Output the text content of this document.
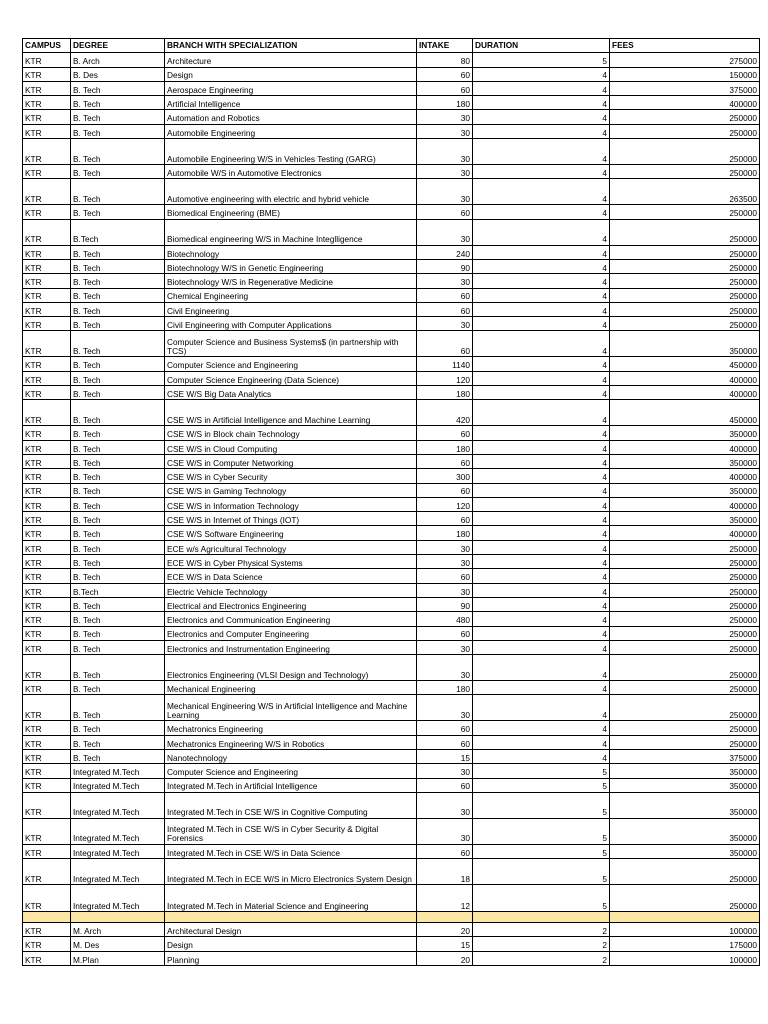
CAMPUS	DEGREE	BRANCH WITH SPECIALIZATION	INTAKE	DURATION	FEES
KTR	B. Arch	Architecture	80	5	275000
KTR	B. Des	Design	60	4	150000
KTR	B. Tech	Aerospace Engineering	60	4	375000
KTR	B. Tech	Artificial Intelligence	180	4	400000
KTR	B. Tech	Automation and Robotics	30	4	250000
KTR	B. Tech	Automobile Engineering	30	4	250000
KTR	B. Tech	Automobile Engineering W/S in Vehicles Testing (GARG)	30	4	250000
KTR	B. Tech	Automobile W/S in Automotive Electronics	30	4	250000
KTR	B. Tech	Automotive engineering with electric and hybrid vehicle	30	4	263500
KTR	B. Tech	Biomedical Engineering (BME)	60	4	250000
KTR	B.Tech	Biomedical engineering W/S in Machine Integlligence	30	4	250000
KTR	B. Tech	Biotechnology	240	4	250000
KTR	B. Tech	Biotechnology W/S in Genetic Engineering	90	4	250000
KTR	B. Tech	Biotechnology W/S in Regenerative Medicine	30	4	250000
KTR	B. Tech	Chemical Engineering	60	4	250000
KTR	B. Tech	Civil Engineering	60	4	250000
KTR	B. Tech	Civil Engineering with Computer Applications	30	4	250000
KTR	B. Tech	Computer Science and Business Systems$ (in partnership with TCS)	60	4	350000
KTR	B. Tech	Computer Science and Engineering	1140	4	450000
KTR	B. Tech	Computer Science Engineering (Data Science)	120	4	400000
KTR	B. Tech	CSE W/S Big Data Analytics	180	4	400000
KTR	B. Tech	CSE W/S in Artificial Intelligence and Machine Learning	420	4	450000
KTR	B. Tech	CSE W/S in Block chain Technology	60	4	350000
KTR	B. Tech	CSE W/S in Cloud Computing	180	4	400000
KTR	B. Tech	CSE W/S in Computer Networking	60	4	350000
KTR	B. Tech	CSE W/S in Cyber Security	300	4	400000
KTR	B. Tech	CSE W/S in Gaming Technology	60	4	350000
KTR	B. Tech	CSE W/S in Information Technology	120	4	400000
KTR	B. Tech	CSE W/S in Internet of Things (IOT)	60	4	350000
KTR	B. Tech	CSE W/S Software Engineering	180	4	400000
KTR	B. Tech	ECE w/s Agricultural Technology	30	4	250000
KTR	B. Tech	ECE W/S in Cyber Physical Systems	30	4	250000
KTR	B. Tech	ECE W/S in Data Science	60	4	250000
KTR	B.Tech	Electric Vehicle Technology	30	4	250000
KTR	B. Tech	Electrical and Electronics Engineering	90	4	250000
KTR	B. Tech	Electronics and Communication Engineering	480	4	250000
KTR	B. Tech	Electronics and Computer Engineering	60	4	250000
KTR	B. Tech	Electronics and Instrumentation Engineering	30	4	250000
KTR	B. Tech	Electronics Engineering (VLSI Design and Technology)	30	4	250000
KTR	B. Tech	Mechanical Engineering	180	4	250000
KTR	B. Tech	Mechanical Engineering W/S in Artificial Intelligence and Machine Learning	30	4	250000
KTR	B. Tech	Mechatronics Engineering	60	4	250000
KTR	B. Tech	Mechatronics Engineering W/S in Robotics	60	4	250000
KTR	B. Tech	Nanotechnology	15	4	375000
KTR	Integrated M.Tech	Computer Science and Engineering	30	5	350000
KTR	Integrated M.Tech	Integrated M.Tech in Artificial Intelligence	60	5	350000
KTR	Integrated M.Tech	Integrated M.Tech in CSE W/S in Cognitive Computing	30	5	350000
KTR	Integrated M.Tech	Integrated M.Tech in CSE W/S in Cyber Security & Digital Forensics	30	5	350000
KTR	Integrated M.Tech	Integrated M.Tech in CSE W/S in Data Science	60	5	350000
KTR	Integrated M.Tech	Integrated M.Tech in ECE W/S in Micro Electronics System Design	18	5	250000
KTR	Integrated M.Tech	Integrated M.Tech in Material Science and Engineering	12	5	250000

KTR	M. Arch	Architectural Design	20	2	100000
KTR	M. Des	Design	15	2	175000
KTR	M.Plan	Planning	20	2	100000
